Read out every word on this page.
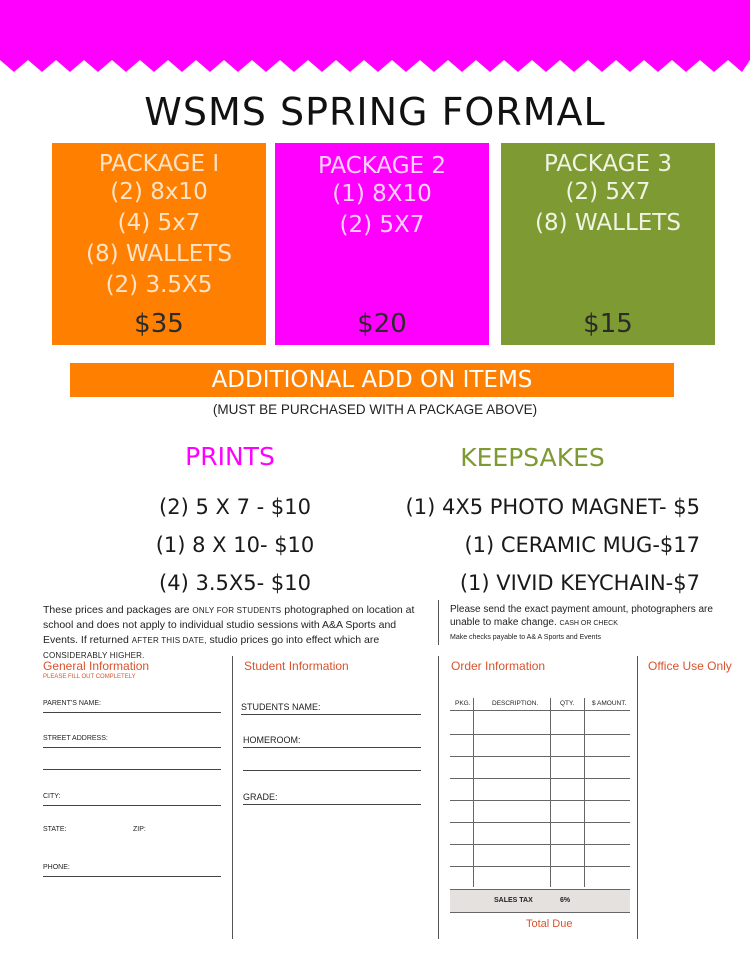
WSMS SPRING FORMAL
PACKAGE I
(2) 8x10
(4) 5x7
(8) WALLETS
(2) 3.5X5
$35
PACKAGE 2
(1) 8X10
(2) 5X7
$20
PACKAGE 3
(2) 5X7
(8) WALLETS
$15
ADDITIONAL ADD ON ITEMS
(MUST BE PURCHASED WITH A PACKAGE ABOVE)
PRINTS	KEEPSAKES
(2) 5 X 7 - $10
(1) 8 X 10- $10
(4) 3.5X5- $10
(1) 4X5 PHOTO MAGNET- $5
(1) CERAMIC MUG-$17
(1) VIVID KEYCHAIN-$7
These prices and packages are ONLY FOR STUDENTS photographed on location at school and does not apply to individual studio sessions with A&A Sports and Events. If returned AFTER THIS DATE, studio prices go into effect which are CONSIDERABLY HIGHER.
Please send the exact payment amount, photographers are unable to make change. CASH OR CHECK
Make checks payable to A& A Sports and Events
General Information
PLEASE FILL OUT COMPLETELY
PARENT'S NAME:
STREET ADDRESS:
CITY:
STATE:	ZIP:
PHONE:
Student Information
STUDENTS NAME:
HOMEROOM:
GRADE:
Order Information	Office Use Only
PKG.	DESCRIPTION.	QTY.	$ AMOUNT.
SALES TAX	6%
Total Due
